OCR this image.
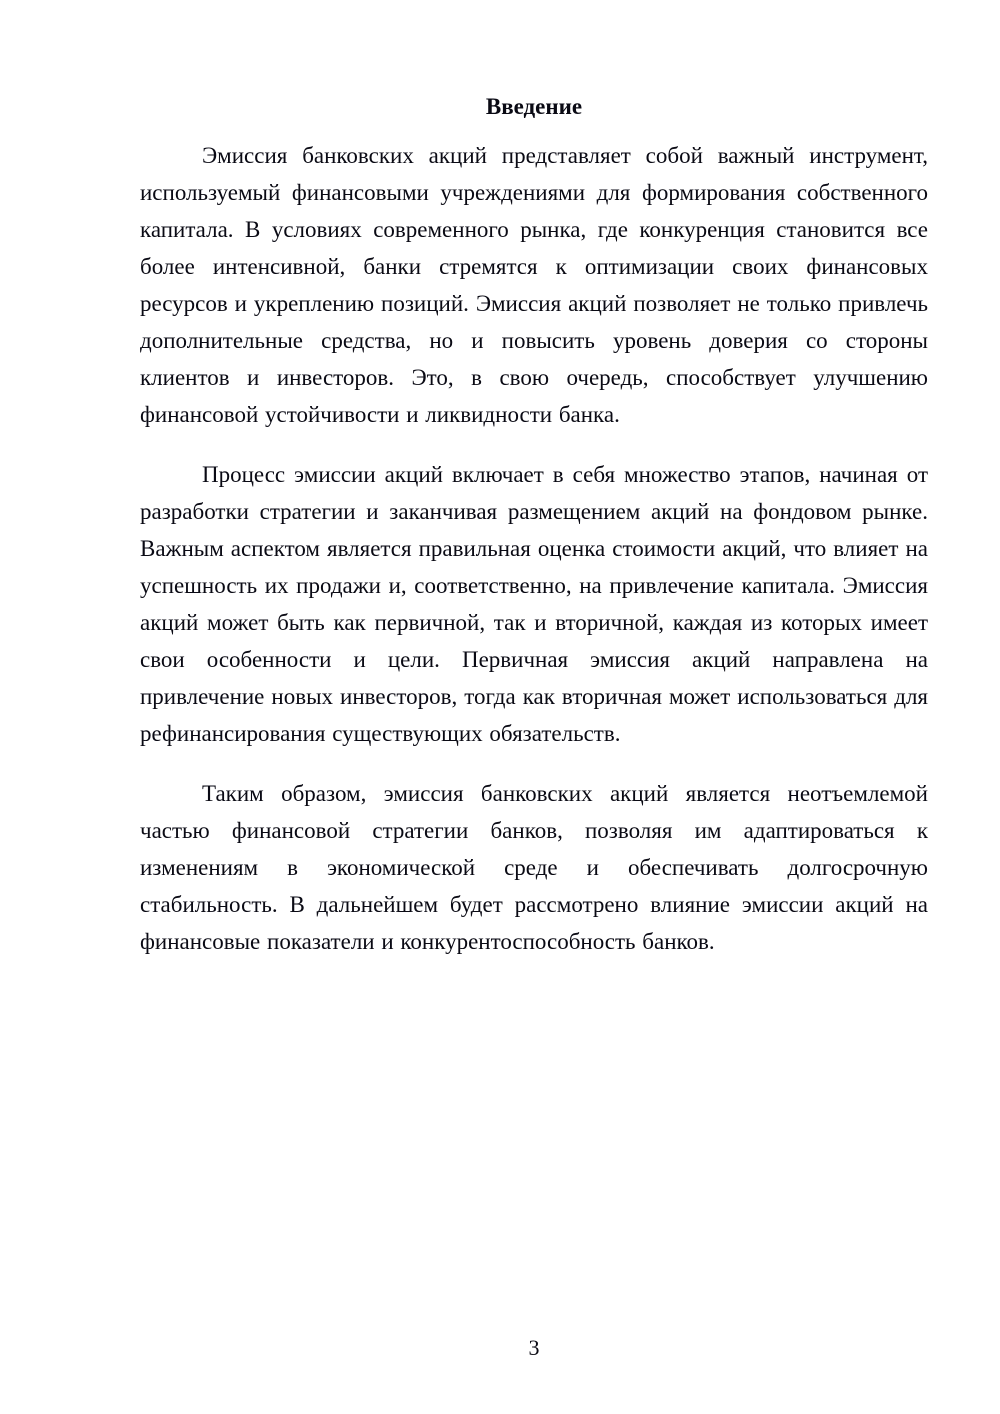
Введение

Эмиссия банковских акций представляет собой важный инструмент, используемый финансовыми учреждениями для формирования собственного капитала. В условиях современного рынка, где конкуренция становится все более интенсивной, банки стремятся к оптимизации своих финансовых ресурсов и укреплению позиций. Эмиссия акций позволяет не только привлечь дополнительные средства, но и повысить уровень доверия со стороны клиентов и инвесторов. Это, в свою очередь, способствует улучшению финансовой устойчивости и ликвидности банка.

Процесс эмиссии акций включает в себя множество этапов, начиная от разработки стратегии и заканчивая размещением акций на фондовом рынке. Важным аспектом является правильная оценка стоимости акций, что влияет на успешность их продажи и, соответственно, на привлечение капитала. Эмиссия акций может быть как первичной, так и вторичной, каждая из которых имеет свои особенности и цели. Первичная эмиссия акций направлена на привлечение новых инвесторов, тогда как вторичная может использоваться для рефинансирования существующих обязательств.

Таким образом, эмиссия банковских акций является неотъемлемой частью финансовой стратегии банков, позволяя им адаптироваться к изменениям в экономической среде и обеспечивать долгосрочную стабильность. В дальнейшем будет рассмотрено влияние эмиссии акций на финансовые показатели и конкурентоспособность банков.

3
